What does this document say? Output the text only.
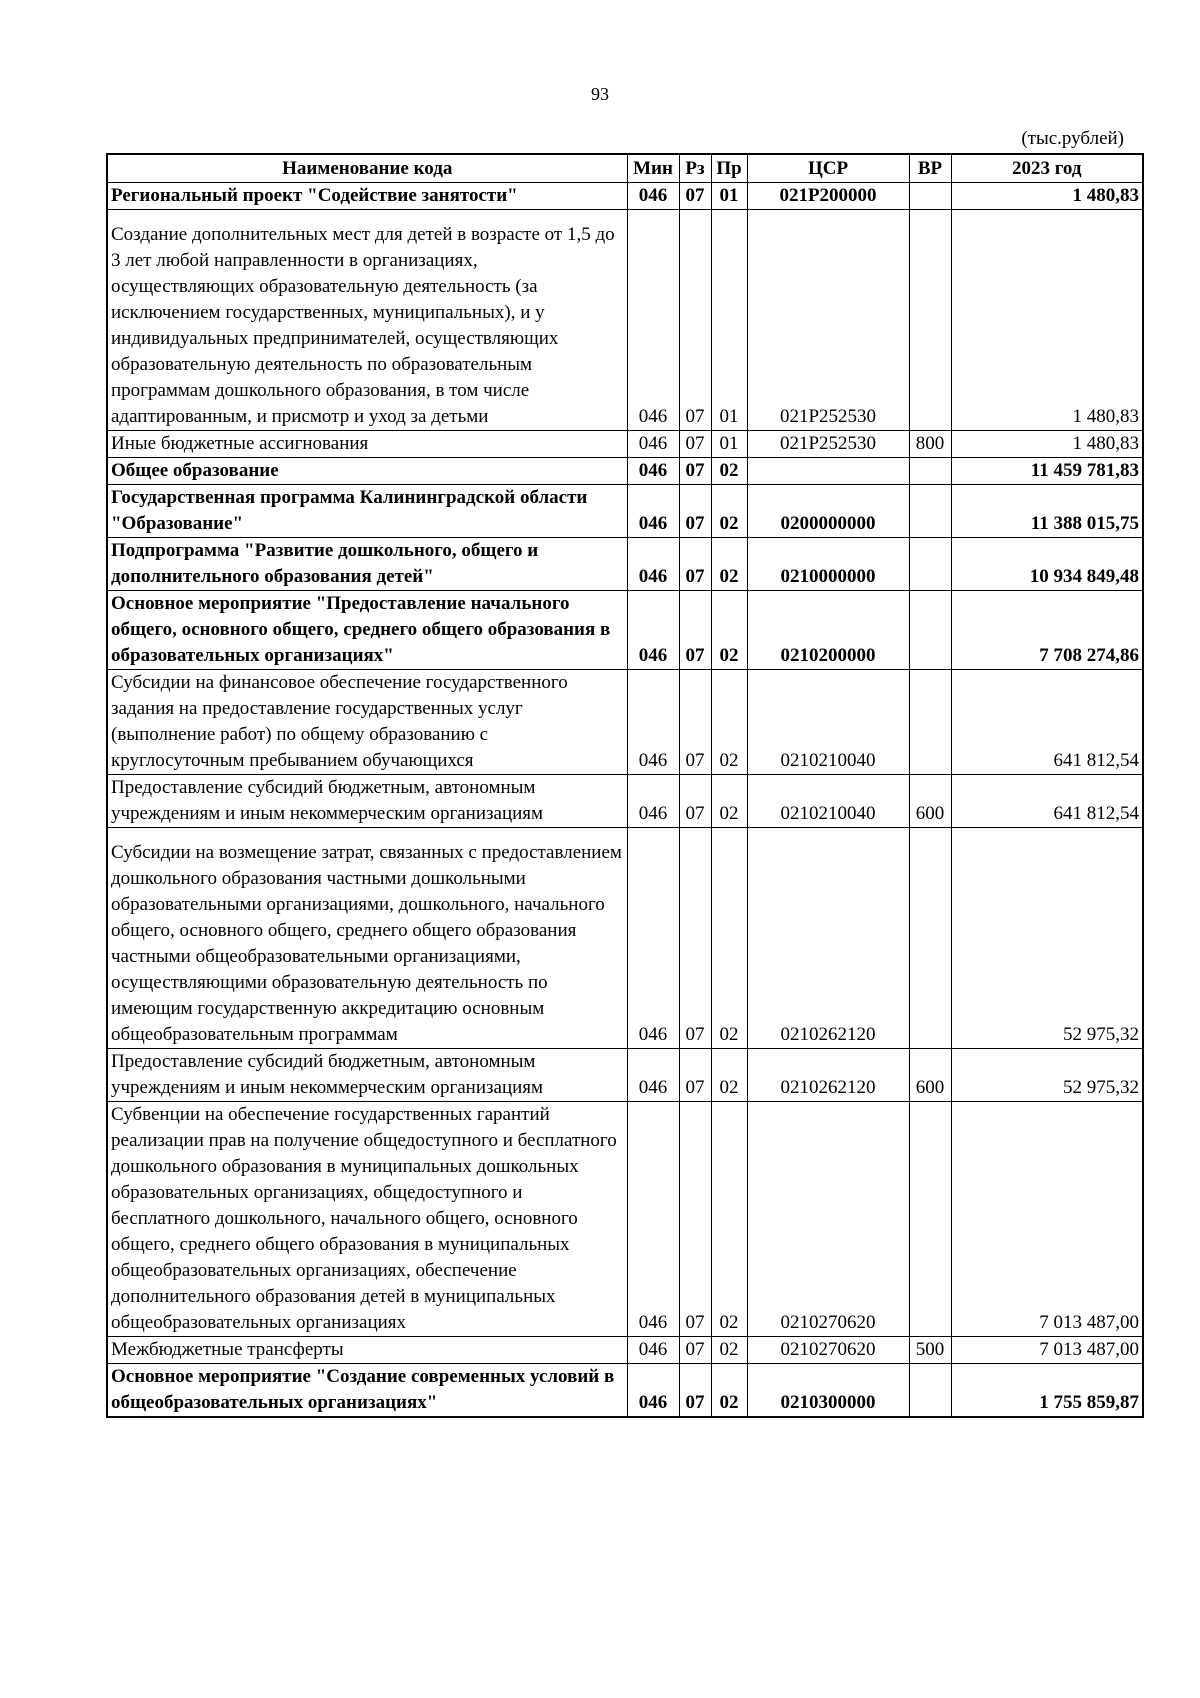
93
(тыс.рублей)
Наименование кода	Мин	Рз	Пр	ЦСР	ВР	2023 год
Региональный проект "Содействие занятости"	046	07	01	021Р200000		1 480,83
Создание дополнительных мест для детей в возрасте от 1,5 до 3 лет любой направленности в организациях, осуществляющих образовательную деятельность (за исключением государственных, муниципальных), и у индивидуальных предпринимателей, осуществляющих образовательную деятельность по образовательным программам дошкольного образования, в том числе адаптированным, и присмотр и уход за детьми	046	07	01	021Р252530		1 480,83
Иные бюджетные ассигнования	046	07	01	021Р252530	800	1 480,83
Общее образование	046	07	02			11 459 781,83
Государственная программа Калининградской области "Образование"	046	07	02	0200000000		11 388 015,75
Подпрограмма "Развитие дошкольного, общего и дополнительного образования детей"	046	07	02	0210000000		10 934 849,48
Основное мероприятие "Предоставление начального общего, основного общего, среднего общего образования в образовательных организациях"	046	07	02	0210200000		7 708 274,86
Субсидии на финансовое обеспечение государственного задания на предоставление государственных услуг (выполнение работ) по общему образованию с круглосуточным пребыванием обучающихся	046	07	02	0210210040		641 812,54
Предоставление субсидий бюджетным, автономным учреждениям и иным некоммерческим организациям	046	07	02	0210210040	600	641 812,54
Субсидии на возмещение затрат, связанных с предоставлением дошкольного образования частными дошкольными образовательными организациями, дошкольного, начального общего, основного общего, среднего общего образования частными общеобразовательными организациями, осуществляющими образовательную деятельность по имеющим государственную аккредитацию основным общеобразовательным программам	046	07	02	0210262120		52 975,32
Предоставление субсидий бюджетным, автономным учреждениям и иным некоммерческим организациям	046	07	02	0210262120	600	52 975,32
Субвенции на обеспечение государственных гарантий реализации прав на получение общедоступного и бесплатного дошкольного образования в муниципальных дошкольных образовательных организациях, общедоступного и бесплатного дошкольного, начального общего, основного общего, среднего общего образования в муниципальных общеобразовательных организациях, обеспечение дополнительного образования детей в муниципальных общеобразовательных организациях	046	07	02	0210270620		7 013 487,00
Межбюджетные трансферты	046	07	02	0210270620	500	7 013 487,00
Основное мероприятие "Создание современных условий в общеобразовательных организациях"	046	07	02	0210300000		1 755 859,87
